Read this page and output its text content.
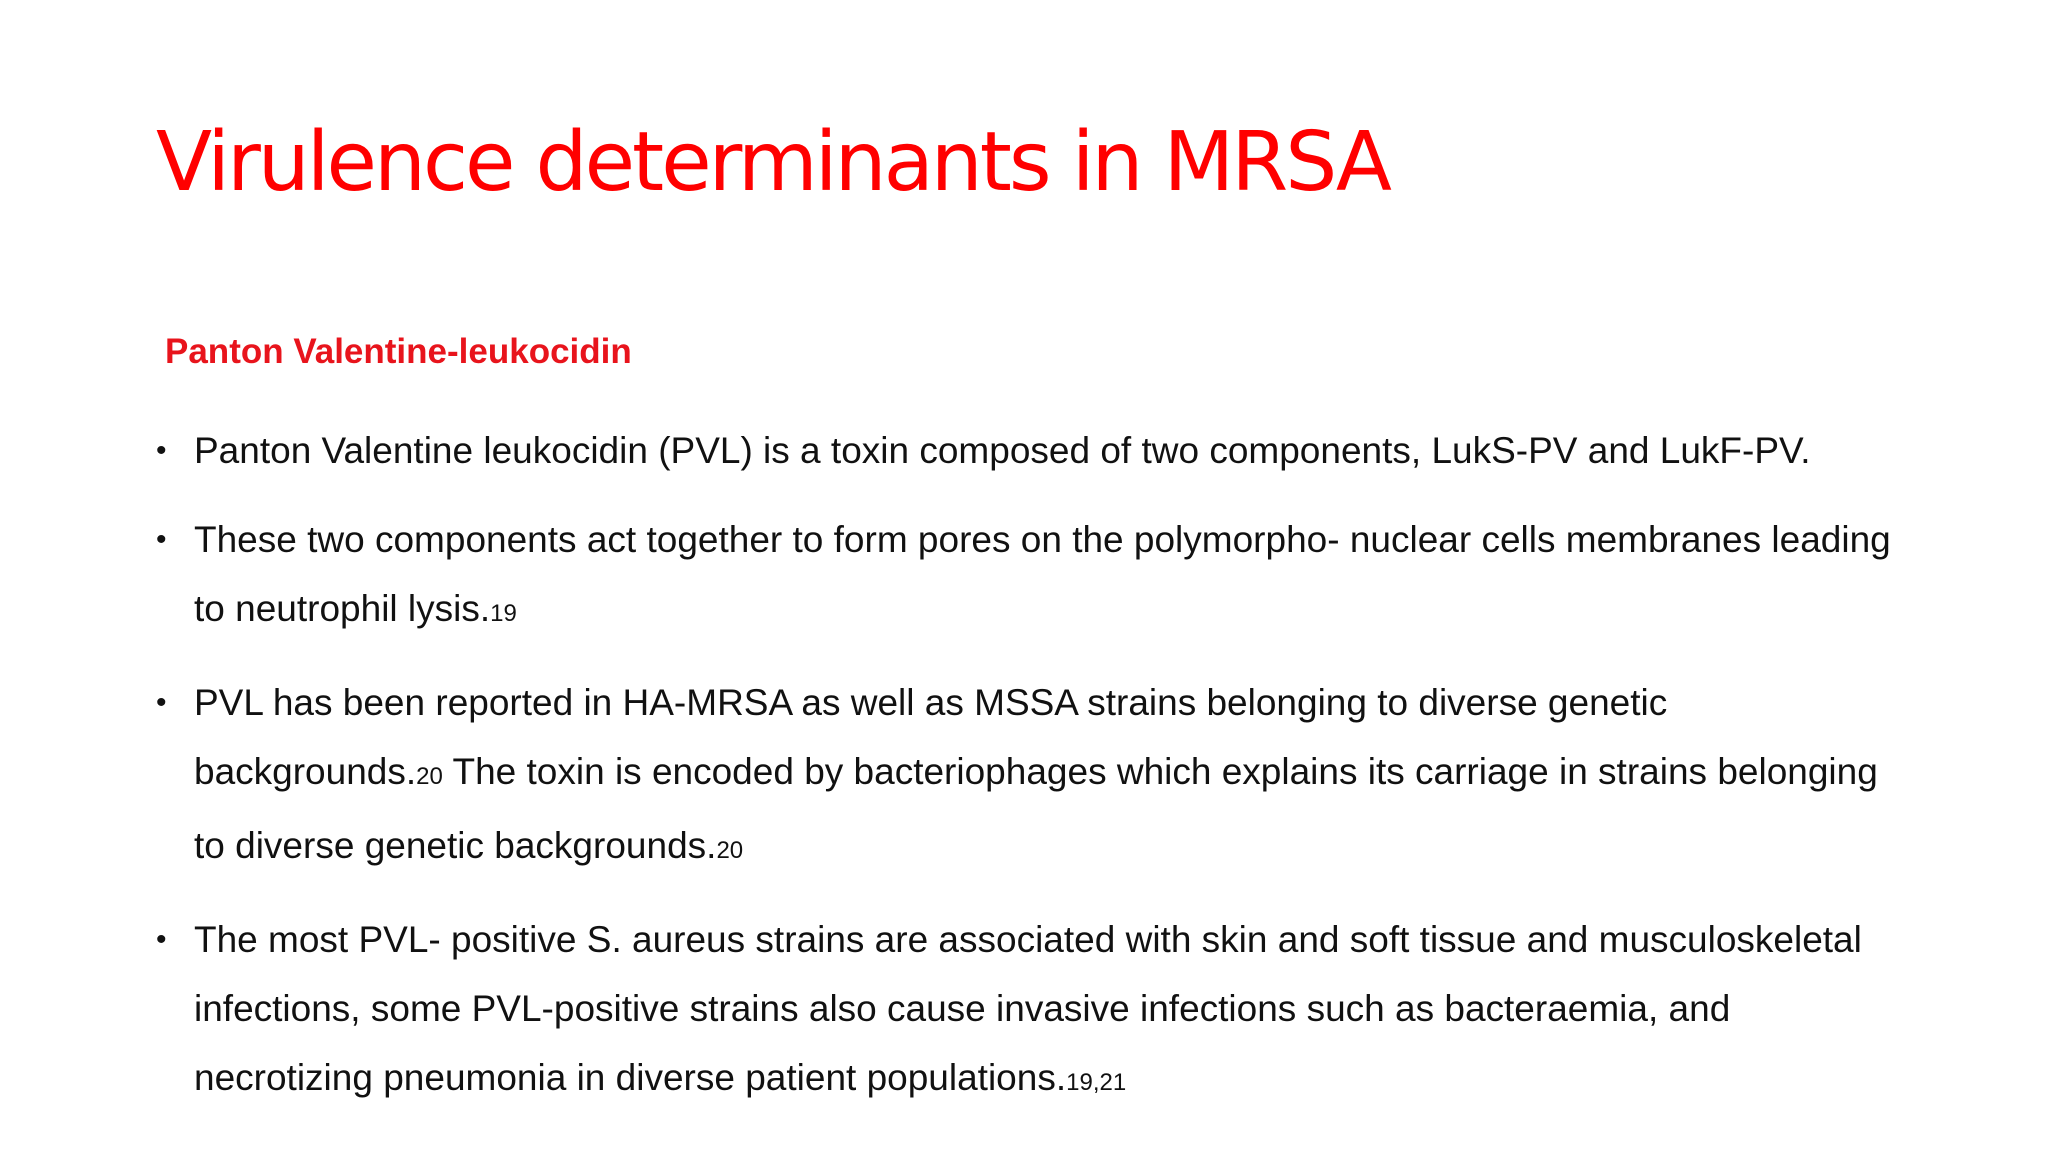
Virulence determinants in MRSA
Panton Valentine-leukocidin
• Panton Valentine leukocidin (PVL) is a toxin composed of two components, LukS-PV and LukF-PV.
• These two components act together to form pores on the polymorpho- nuclear cells membranes leading to neutrophil lysis.19
• PVL has been reported in HA-MRSA as well as MSSA strains belonging to diverse genetic backgrounds.20 The toxin is encoded by bacteriophages which explains its carriage in strains belonging to diverse genetic backgrounds.20
• The most PVL- positive S. aureus strains are associated with skin and soft tissue and musculoskeletal infections, some PVL-positive strains also cause invasive infections such as bacteraemia, and necrotizing pneumonia in diverse patient populations.19,21
